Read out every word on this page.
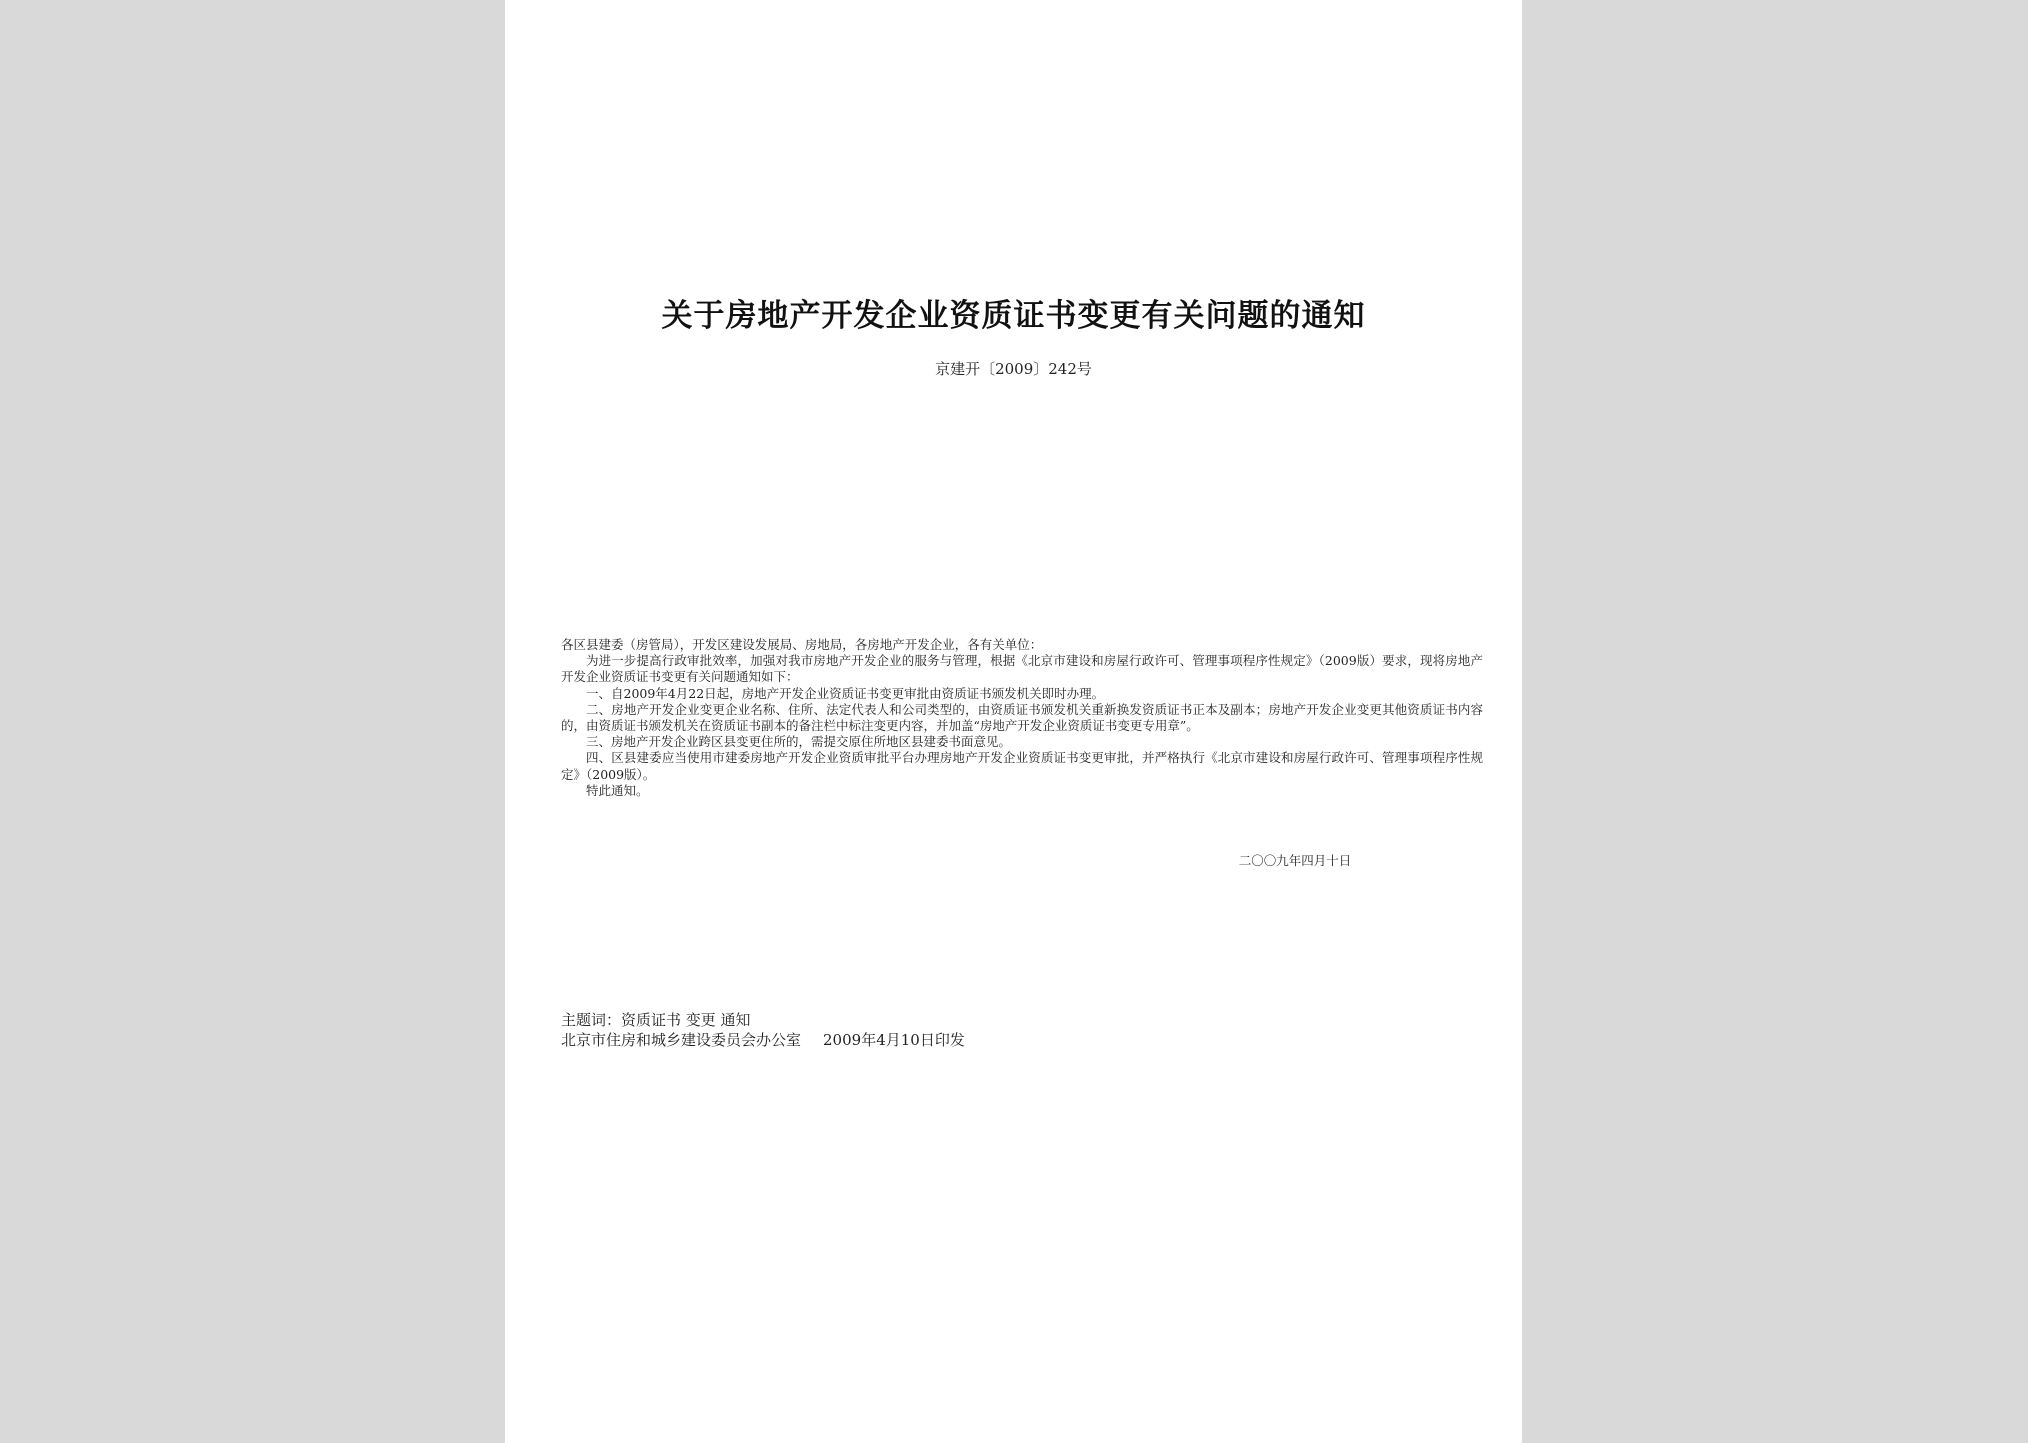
关于房地产开发企业资质证书变更有关问题的通知
京建开〔2009〕242号

各区县建委（房管局），开发区建设发展局、房地局，各房地产开发企业，各有关单位：

为进一步提高行政审批效率，加强对我市房地产开发企业的服务与管理，根据《北京市建设和房屋行政许可、管理事项程序性规定》（2009版）要求，现将房地产开发企业资质证书变更有关问题通知如下：

一、自2009年4月22日起，房地产开发企业资质证书变更审批由资质证书颁发机关即时办理。

二、房地产开发企业变更企业名称、住所、法定代表人和公司类型的，由资质证书颁发机关重新换发资质证书正本及副本；房地产开发企业变更其他资质证书内容的，由资质证书颁发机关在资质证书副本的备注栏中标注变更内容，并加盖“房地产开发企业资质证书变更专用章”。

三、房地产开发企业跨区县变更住所的，需提交原住所地区县建委书面意见。

四、区县建委应当使用市建委房地产开发企业资质审批平台办理房地产开发企业资质证书变更审批，并严格执行《北京市建设和房屋行政许可、管理事项程序性规定》（2009版）。

特此通知。

二〇〇九年四月十日
主题词：资质证书 变更 通知
北京市住房和城乡建设委员会办公室 2009年4月10日印发
